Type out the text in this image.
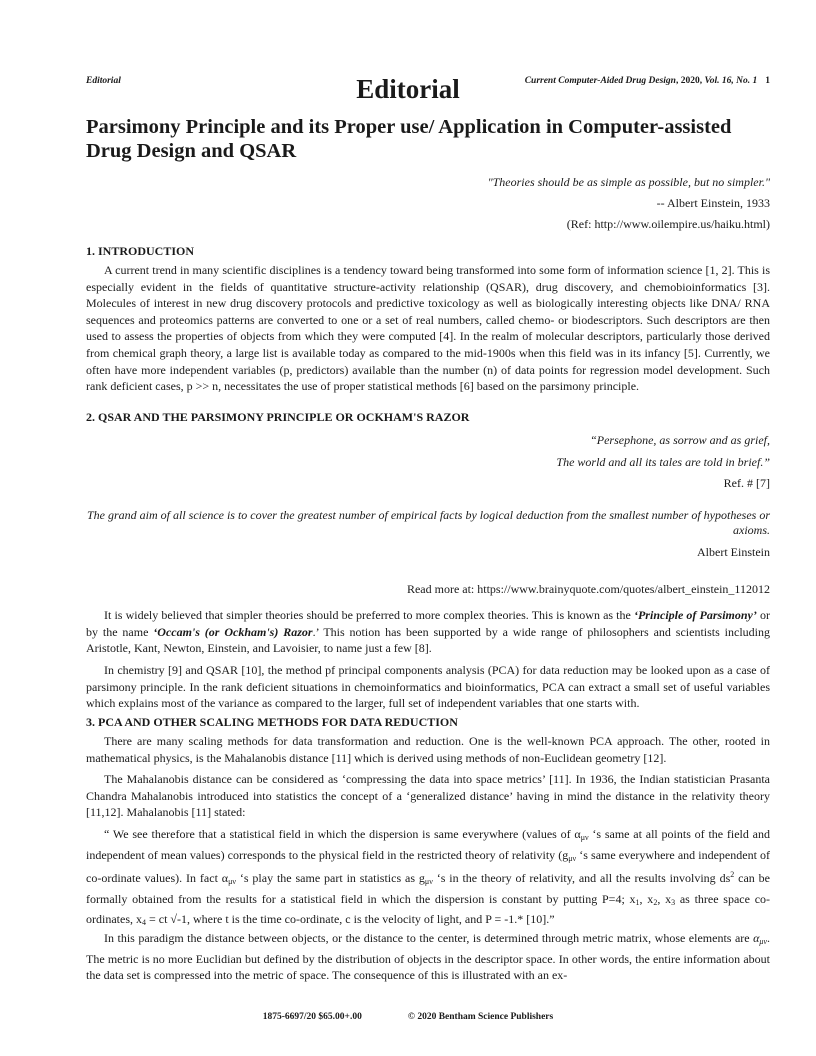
Editorial	Current Computer-Aided Drug Design, 2020, Vol. 16, No. 1 1
Editorial
Parsimony Principle and its Proper use/ Application in Computer-assisted Drug Design and QSAR
"Theories should be as simple as possible, but no simpler."
-- Albert Einstein, 1933
(Ref: http://www.oilempire.us/haiku.html)
1. INTRODUCTION

A current trend in many scientific disciplines is a tendency toward being transformed into some form of information science [1, 2]. This is especially evident in the fields of quantitative structure-activity relationship (QSAR), drug discovery, and chemobioinformatics [3]. Molecules of interest in new drug discovery protocols and predictive toxicology as well as biologically interesting objects like DNA/ RNA sequences and proteomics patterns are converted to one or a set of real numbers, called chemo- or biodescriptors. Such descriptors are then used to assess the properties of objects from which they were computed [4]. In the realm of molecular descriptors, particularly those derived from chemical graph theory, a large list is available today as compared to the mid-1900s when this field was in its infancy [5]. Currently, we often have more independent variables (p, predictors) available than the number (n) of data points for regression model development. Such rank deficient cases, p >> n, necessitates the use of proper statistical methods [6] based on the parsimony principle.

2. QSAR AND THE PARSIMONY PRINCIPLE OR OCKHAM'S RAZOR
“Persephone, as sorrow and as grief,
The world and all its tales are told in brief.”
Ref. # [7]
The grand aim of all science is to cover the greatest number of empirical facts by logical deduction from the smallest number of hypotheses or axioms.
Albert Einstein
Read more at: https://www.brainyquote.com/quotes/albert_einstein_112012

It is widely believed that simpler theories should be preferred to more complex theories. This is known as the ‘Principle of Parsimony’ or by the name ‘Occam's (or Ockham's) Razor.’ This notion has been supported by a wide range of philosophers and scientists including Aristotle, Kant, Newton, Einstein, and Lavoisier, to name just a few [8].

In chemistry [9] and QSAR [10], the method pf principal components analysis (PCA) for data reduction may be looked upon as a case of parsimony principle. In the rank deficient situations in chemoinformatics and bioinformatics, PCA can extract a small set of useful variables which explains most of the variance as compared to the larger, full set of independent variables that one starts with.

3. PCA AND OTHER SCALING METHODS FOR DATA REDUCTION

There are many scaling methods for data transformation and reduction. One is the well-known PCA approach. The other, rooted in mathematical physics, is the Mahalanobis distance [11] which is derived using methods of non-Euclidean geometry [12].

The Mahalanobis distance can be considered as ‘compressing the data into space metrics’ [11]. In 1936, the Indian statistician Prasanta Chandra Mahalanobis introduced into statistics the concept of a ‘generalized distance’ having in mind the distance in the relativity theory [11,12]. Mahalanobis [11] stated:

“ We see therefore that a statistical field in which the dispersion is same everywhere (values of $\alpha_{\mu\nu}$ ‘s same at all points of the field and independent of mean values) corresponds to the physical field in the restricted theory of relativity ($g_{\mu\nu}$ ‘s same everywhere and independent of co-ordinate values). In fact $\alpha_{\mu\nu}$ ‘s play the same part in statistics as $g_{\mu\nu}$ ‘s in the theory of relativity, and all the results involving $ds^2$ can be formally obtained from the results for a statistical field in which the dispersion is constant by putting P=4; $x_1$, $x_2$, $x_3$ as three space co-ordinates, $x_4$ = ct √-1, where t is the time co-ordinate, c is the velocity of light, and P = -1.* [10].”

In this paradigm the distance between objects, or the distance to the center, is determined through metric matrix, whose elements are $\alpha_{\mu\nu}$. The metric is no more Euclidian but defined by the distribution of objects in the descriptor space. In other words, the entire information about the data set is compressed into the metric of space. The consequence of this is illustrated with an ex-

1875-6697/20 $65.00+.00	© 2020 Bentham Science Publishers
